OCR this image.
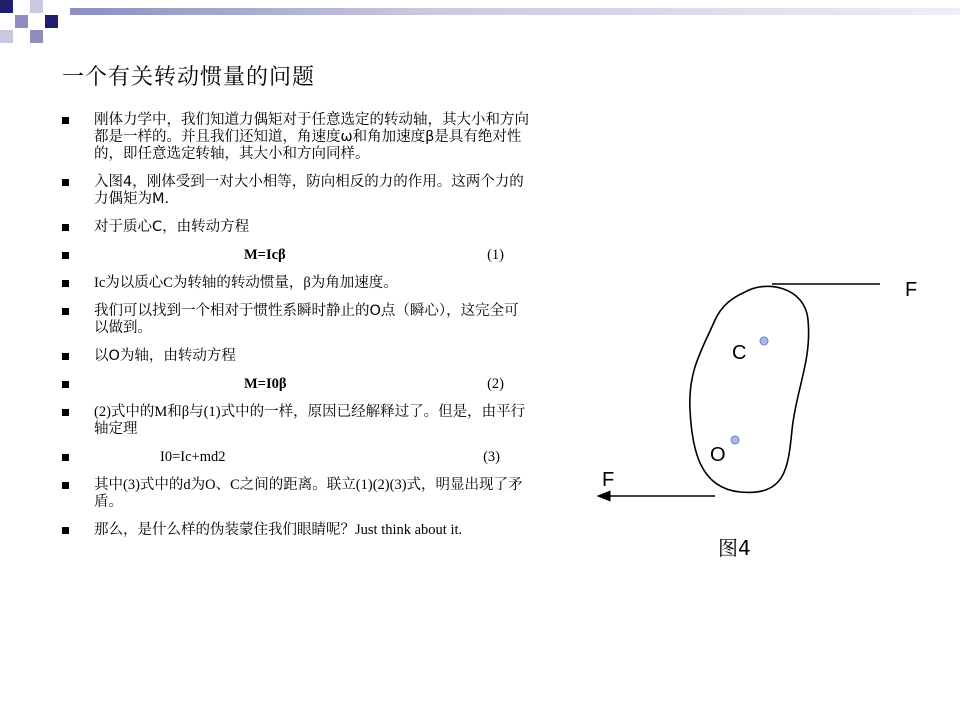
一个有关转动惯量的问题
刚体力学中，我们知道力偶矩对于任意选定的转动轴，其大小和方向都是一样的。并且我们还知道，角速度ω和角加速度β是具有绝对性的，即任意选定转轴，其大小和方向同样。
入图4，刚体受到一对大小相等，防向相反的力的作用。这两个力的力偶矩为M.
对于质心C，由转动方程
M=Icβ	(1)
Ic为以质心C为转轴的转动惯量，β为角加速度。
我们可以找到一个相对于惯性系瞬时静止的O点（瞬心），这完全可以做到。
以O为轴，由转动方程
M=I0β	(2)
(2)式中的M和β与(1)式中的一样，原因已经解释过了。但是，由平行轴定理
I0=Ic+md2	(3)
其中(3)式中的d为O、C之间的距离。联立(1)(2)(3)式，明显出现了矛盾。
那么，是什么样的伪装蒙住我们眼睛呢？Just think about it.
F
C
O
F
图4
